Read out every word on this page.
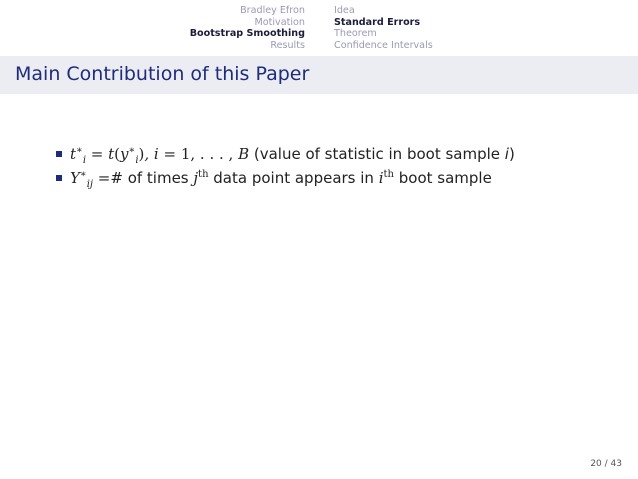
Bradley Efron
Motivation
Bootstrap Smoothing
Results
Idea
Standard Errors
Theorem
Confidence Intervals
Main Contribution of this Paper
$t^∗_i = t(y^∗_i)$, i = 1, . . . , B (value of statistic in boot sample i)
$Y^∗_{ij}$ =# of times $j^{th}$ data point appears in $i^{th}$ boot sample
20 / 43
